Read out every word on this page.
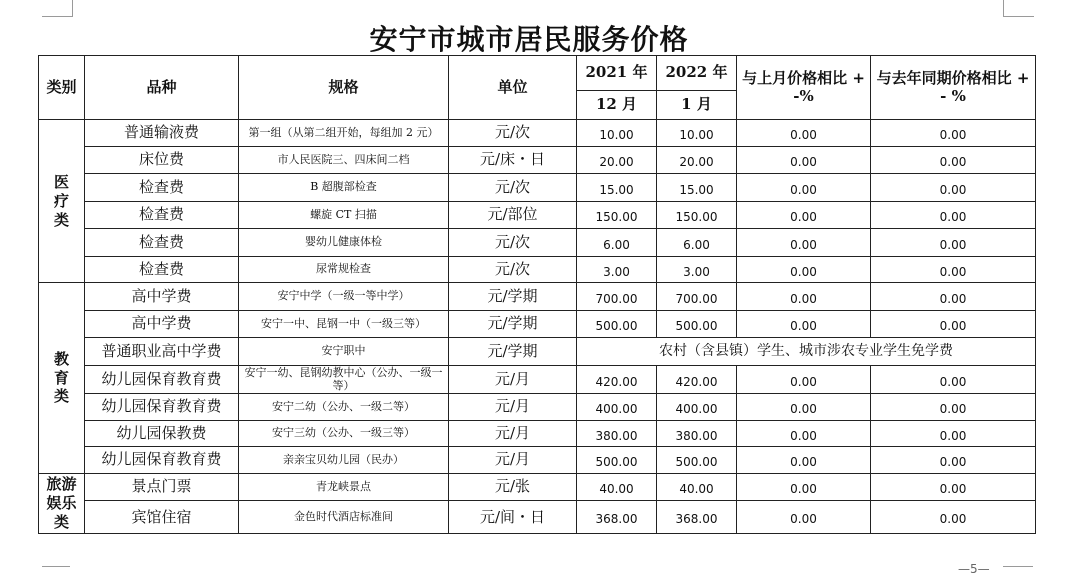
—5—
安宁市城市居民服务价格
类别	品种	规格	单位	2021 年	2022 年	与上月价格相比 + -%	与去年同期价格相比 + - %
				12 月	1 月		
医
疗
类	普通输液费	第一组（从第二组开始，每组加 2 元）	元/次	10.00	10.00	0.00	0.00
	床位费	市人民医院三、四床间二档	元/床・日	20.00	20.00	0.00	0.00
	检查费	B 超腹部检查	元/次	15.00	15.00	0.00	0.00
	检查费	螺旋 CT 扫描	元/部位	150.00	150.00	0.00	0.00
	检查费	婴幼儿健康体检	元/次	6.00	6.00	0.00	0.00
	检查费	尿常规检查	元/次	3.00	3.00	0.00	0.00
教
育
类	高中学费	安宁中学（一级一等中学）	元/学期	700.00	700.00	0.00	0.00
	高中学费	安宁一中、昆钢一中（一级三等）	元/学期	500.00	500.00	0.00	0.00
	普通职业高中学费	安宁职中	元/学期	农村（含县镇）学生、城市涉农专业学生免学费			
	幼儿园保育教育费	安宁一幼、昆钢幼教中心（公办、一级一等）	元/月	420.00	420.00	0.00	0.00
	幼儿园保育教育费	安宁二幼（公办、一级二等）	元/月	400.00	400.00	0.00	0.00
	幼儿园保教费	安宁三幼（公办、一级三等）	元/月	380.00	380.00	0.00	0.00
	幼儿园保育教育费	亲亲宝贝幼儿园（民办）	元/月	500.00	500.00	0.00	0.00
旅游
娱乐
类	景点门票	青龙峡景点	元/张	40.00	40.00	0.00	0.00
	宾馆住宿	金色时代酒店标准间	元/间・日	368.00	368.00	0.00	0.00
